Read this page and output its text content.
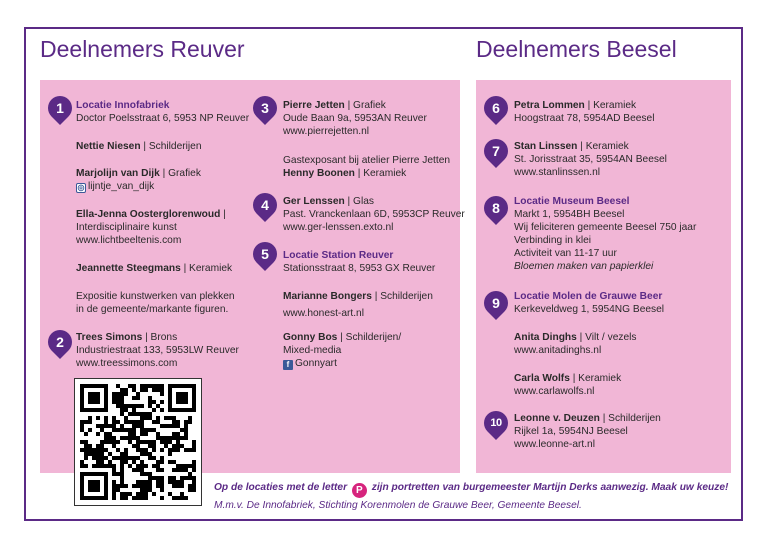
Deelnemers Reuver	Deelnemers Beesel
1
2
3
4
5
6
7
8
9
10
Locatie Innofabriek
Doctor Poelsstraat 6, 5953 NP Reuver
Nettie Niesen | Schilderijen
Marjolijn van Dijk | Grafiek
◎ lijntje_van_dijk
Ella-Jenna Oosterglorenwoud |
Interdisciplinaire kunst
www.lichtbeeltenis.com
Jeannette Steegmans | Keramiek
Expositie kunstwerken van plekken
in de gemeente/markante figuren.
Trees Simons | Brons
Industriestraat 133, 5953LW Reuver
www.treessimons.com
Pierre Jetten | Grafiek
Oude Baan 9a, 5953AN Reuver
www.pierrejetten.nl
Gastexposant bij atelier Pierre Jetten
Henny Boonen | Keramiek
Ger Lenssen | Glas
Past. Vranckenlaan 6D, 5953CP Reuver
www.ger-lenssen.exto.nl
Locatie Station Reuver
Stationsstraat 8, 5953 GX Reuver
Marianne Bongers | Schilderijen
www.honest-art.nl
Gonny Bos | Schilderijen/
Mixed-media
f Gonnyart
Petra Lommen | Keramiek
Hoogstraat 78, 5954AD Beesel
Stan Linssen | Keramiek
St. Jorisstraat 35, 5954AN Beesel
www.stanlinssen.nl
Locatie Museum Beesel
Markt 1, 5954BH Beesel
Wij feliciteren gemeente Beesel 750 jaar
Verbinding in klei
Activiteit van 11-17 uur
Bloemen maken van papierklei
Locatie Molen de Grauwe Beer
Kerkeveldweg 1, 5954NG Beesel
Anita Dinghs | Vilt / vezels
www.anitadinghs.nl
Carla Wolfs | Keramiek
www.carlawolfs.nl
Leonne v. Deuzen | Schilderijen
Rijkel 1a, 5954NJ Beesel
www.leonne-art.nl
Op de locaties met de letter P zijn portretten van burgemeester Martijn Derks aanwezig. Maak uw keuze!
M.m.v. De Innofabriek, Stichting Korenmolen de Grauwe Beer, Gemeente Beesel.
